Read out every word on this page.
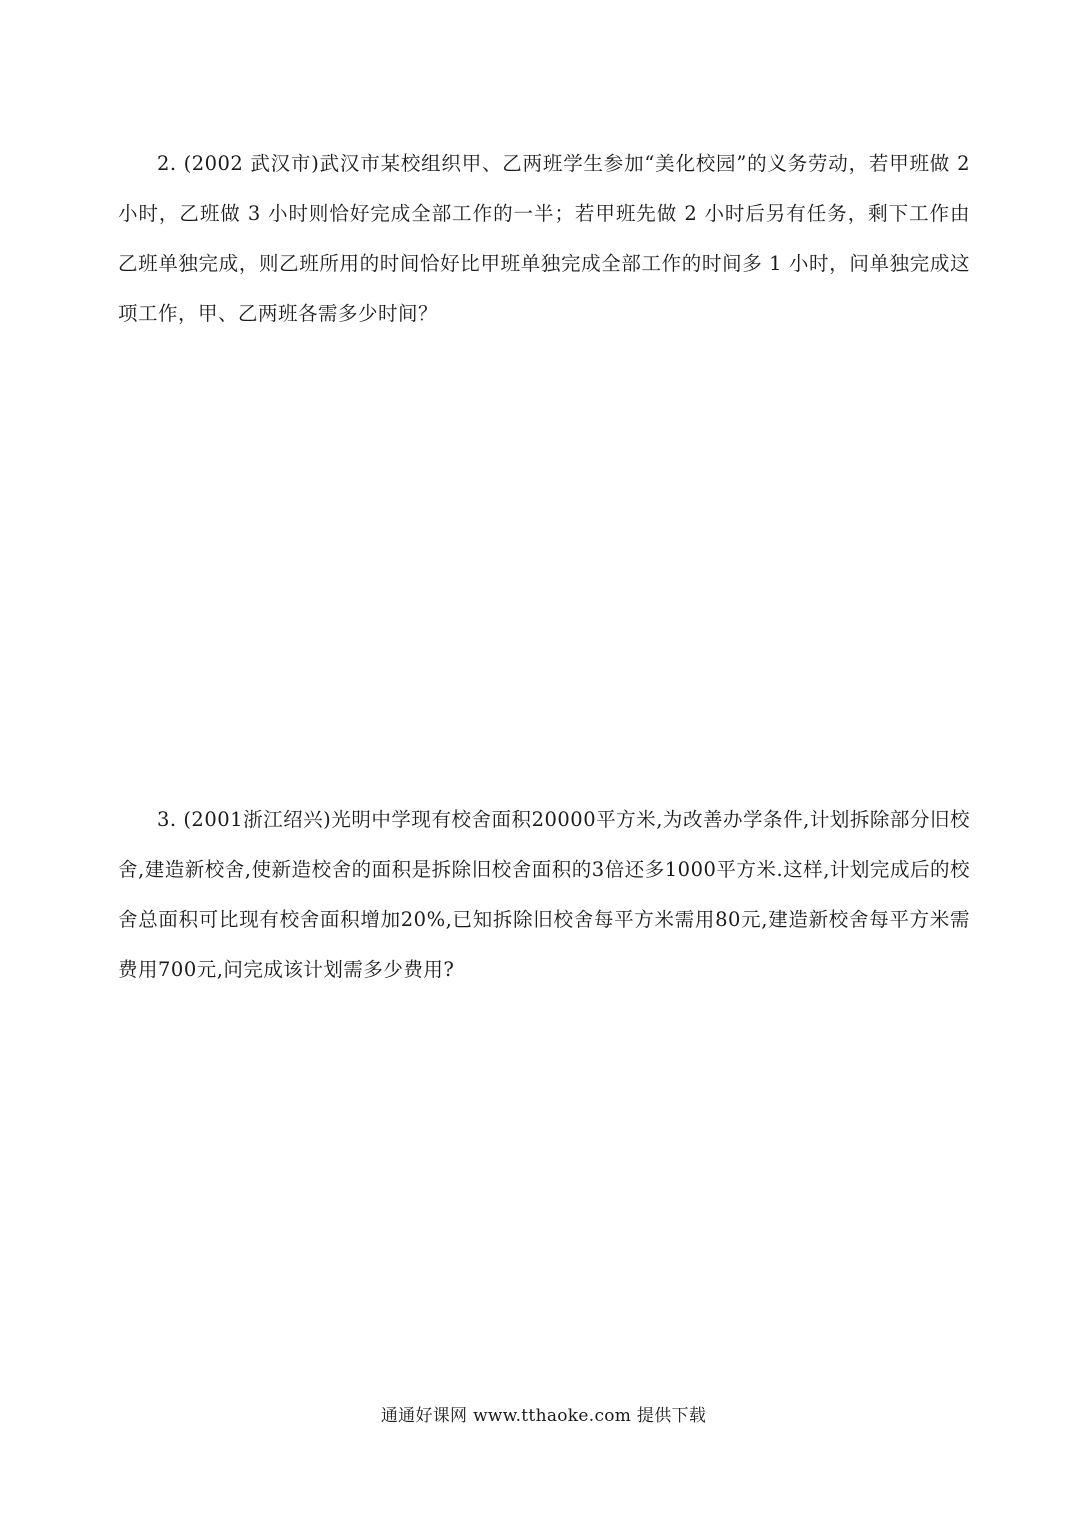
2. (2002 武汉市)武汉市某校组织甲、乙两班学生参加“美化校园”的义务劳动，若甲班做 2 小时，乙班做 3 小时则恰好完成全部工作的一半；若甲班先做 2 小时后另有任务，剩下工作由乙班单独完成，则乙班所用的时间恰好比甲班单独完成全部工作的时间多 1 小时，问单独完成这项工作，甲、乙两班各需多少时间？

3. (2001浙江绍兴)光明中学现有校舍面积20000平方米,为改善办学条件,计划拆除部分旧校舍,建造新校舍,使新造校舍的面积是拆除旧校舍面积的3倍还多1000平方米.这样,计划完成后的校舍总面积可比现有校舍面积增加20%,已知拆除旧校舍每平方米需用80元,建造新校舍每平方米需费用700元,问完成该计划需多少费用?

通通好课网 www.tthaoke.com 提供下载
